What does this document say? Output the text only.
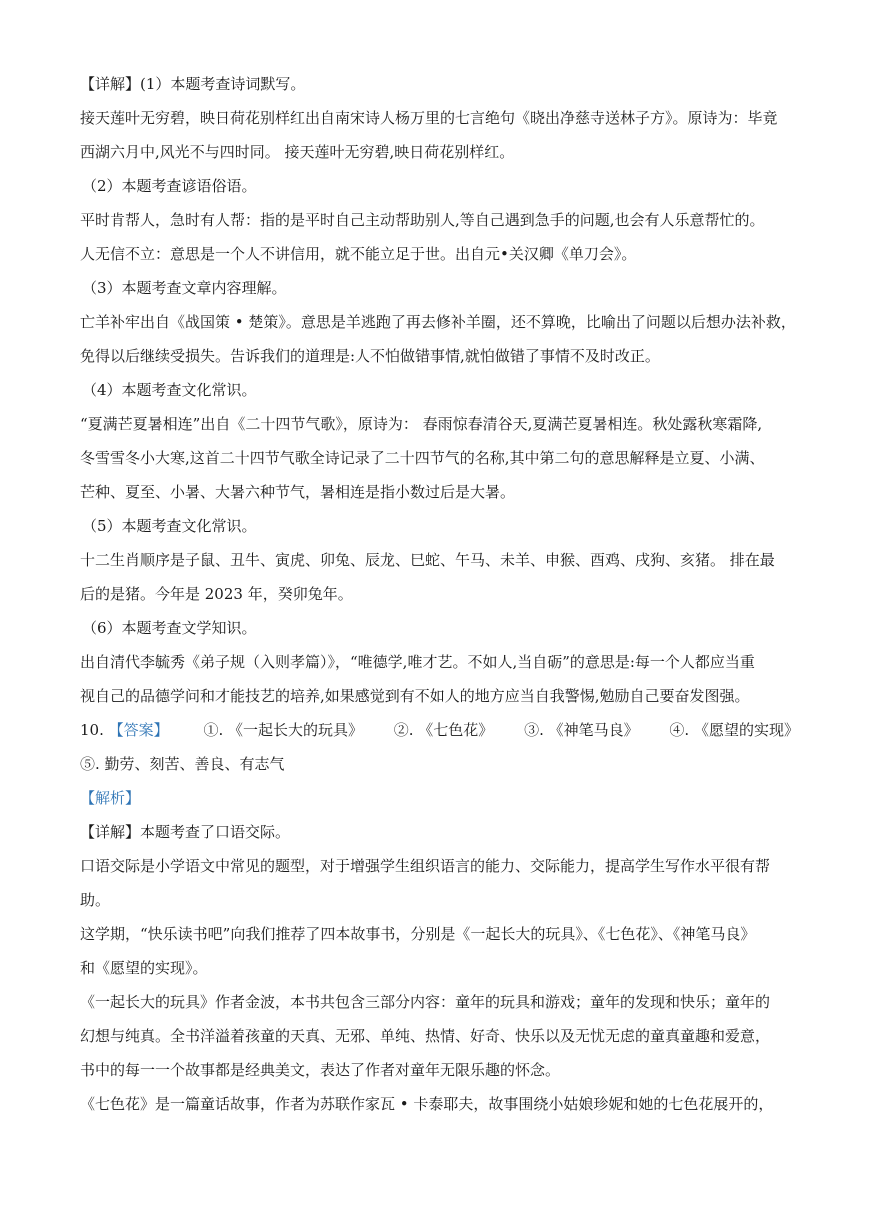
【详解】(1）本题考查诗词默写。
接天莲叶无穷碧，映日荷花别样红出自南宋诗人杨万里的七言绝句《晓出净慈寺送林子方》。原诗为：毕竟
西湖六月中,风光不与四时同。 接天莲叶无穷碧,映日荷花别样红。
（2）本题考查谚语俗语。
平时肯帮人，急时有人帮：指的是平时自己主动帮助别人,等自己遇到急手的问题,也会有人乐意帮忙的。
人无信不立：意思是一个人不讲信用，就不能立足于世。出自元•关汉卿《单刀会》。
（3）本题考查文章内容理解。
亡羊补牢出自《战国策 • 楚策》。意思是羊逃跑了再去修补羊圈，还不算晚，比喻出了问题以后想办法补救，
免得以后继续受损失。告诉我们的道理是:人不怕做错事情,就怕做错了事情不及时改正。
（4）本题考查文化常识。
“夏满芒夏暑相连”出自《二十四节气歌》，原诗为： 春雨惊春清谷天,夏满芒夏暑相连。秋处露秋寒霜降,
冬雪雪冬小大寒,这首二十四节气歌全诗记录了二十四节气的名称,其中第二句的意思解释是立夏、小满、
芒种、夏至、小暑、大暑六种节气，暑相连是指小数过后是大暑。
（5）本题考查文化常识。
十二生肖顺序是子鼠、丑牛、寅虎、卯兔、辰龙、巳蛇、午马、未羊、申猴、酉鸡、戌狗、亥猪。 排在最
后的是猪。今年是 2023 年，癸卯兔年。
（6）本题考查文学知识。
出自清代李毓秀《弟子规（入则孝篇）》，“唯德学,唯才艺。不如人,当自砺”的意思是:每一个人都应当重
视自己的品德学问和才能技艺的培养,如果感觉到有不如人的地方应当自我警惕,勉励自己要奋发图强。
10. 【答案】 ①. 《一起长大的玩具》 ②. 《七色花》 ③. 《神笔马良》 ④. 《愿望的实现》
⑤. 勤劳、刻苦、善良、有志气
【解析】
【详解】本题考查了口语交际。
口语交际是小学语文中常见的题型，对于增强学生组织语言的能力、交际能力，提高学生写作水平很有帮
助。
这学期，“快乐读书吧”向我们推荐了四本故事书，分别是《一起长大的玩具》、《七色花》、《神笔马良》
和《愿望的实现》。
《一起长大的玩具》作者金波，本书共包含三部分内容：童年的玩具和游戏；童年的发现和快乐；童年的
幻想与纯真。全书洋溢着孩童的天真、无邪、单纯、热情、好奇、快乐以及无忧无虑的童真童趣和爱意，
书中的每一一个故事都是经典美文，表达了作者对童年无限乐趣的怀念。
《七色花》是一篇童话故事，作者为苏联作家瓦 • 卡泰耶夫，故事围绕小姑娘珍妮和她的七色花展开的，
